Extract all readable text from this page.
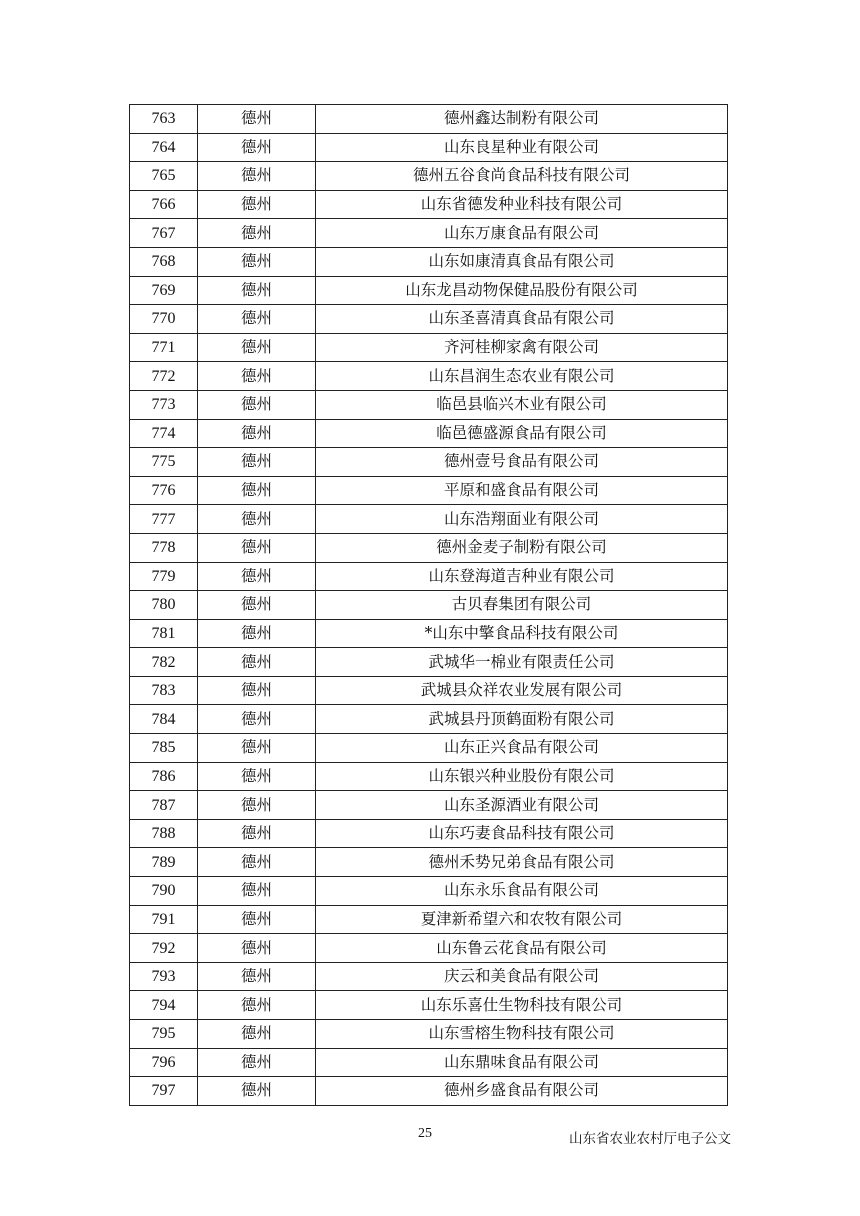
763	德州	德州鑫达制粉有限公司
764	德州	山东良星种业有限公司
765	德州	德州五谷食尚食品科技有限公司
766	德州	山东省德发种业科技有限公司
767	德州	山东万康食品有限公司
768	德州	山东如康清真食品有限公司
769	德州	山东龙昌动物保健品股份有限公司
770	德州	山东圣喜清真食品有限公司
771	德州	齐河桂柳家禽有限公司
772	德州	山东昌润生态农业有限公司
773	德州	临邑县临兴木业有限公司
774	德州	临邑德盛源食品有限公司
775	德州	德州壹号食品有限公司
776	德州	平原和盛食品有限公司
777	德州	山东浩翔面业有限公司
778	德州	德州金麦子制粉有限公司
779	德州	山东登海道吉种业有限公司
780	德州	古贝春集团有限公司
781	德州	*山东中擎食品科技有限公司
782	德州	武城华一棉业有限责任公司
783	德州	武城县众祥农业发展有限公司
784	德州	武城县丹顶鹤面粉有限公司
785	德州	山东正兴食品有限公司
786	德州	山东银兴种业股份有限公司
787	德州	山东圣源酒业有限公司
788	德州	山东巧妻食品科技有限公司
789	德州	德州禾势兄弟食品有限公司
790	德州	山东永乐食品有限公司
791	德州	夏津新希望六和农牧有限公司
792	德州	山东鲁云花食品有限公司
793	德州	庆云和美食品有限公司
794	德州	山东乐喜仕生物科技有限公司
795	德州	山东雪榕生物科技有限公司
796	德州	山东鼎味食品有限公司
797	德州	德州乡盛食品有限公司
25	山东省农业农村厅电子公文
